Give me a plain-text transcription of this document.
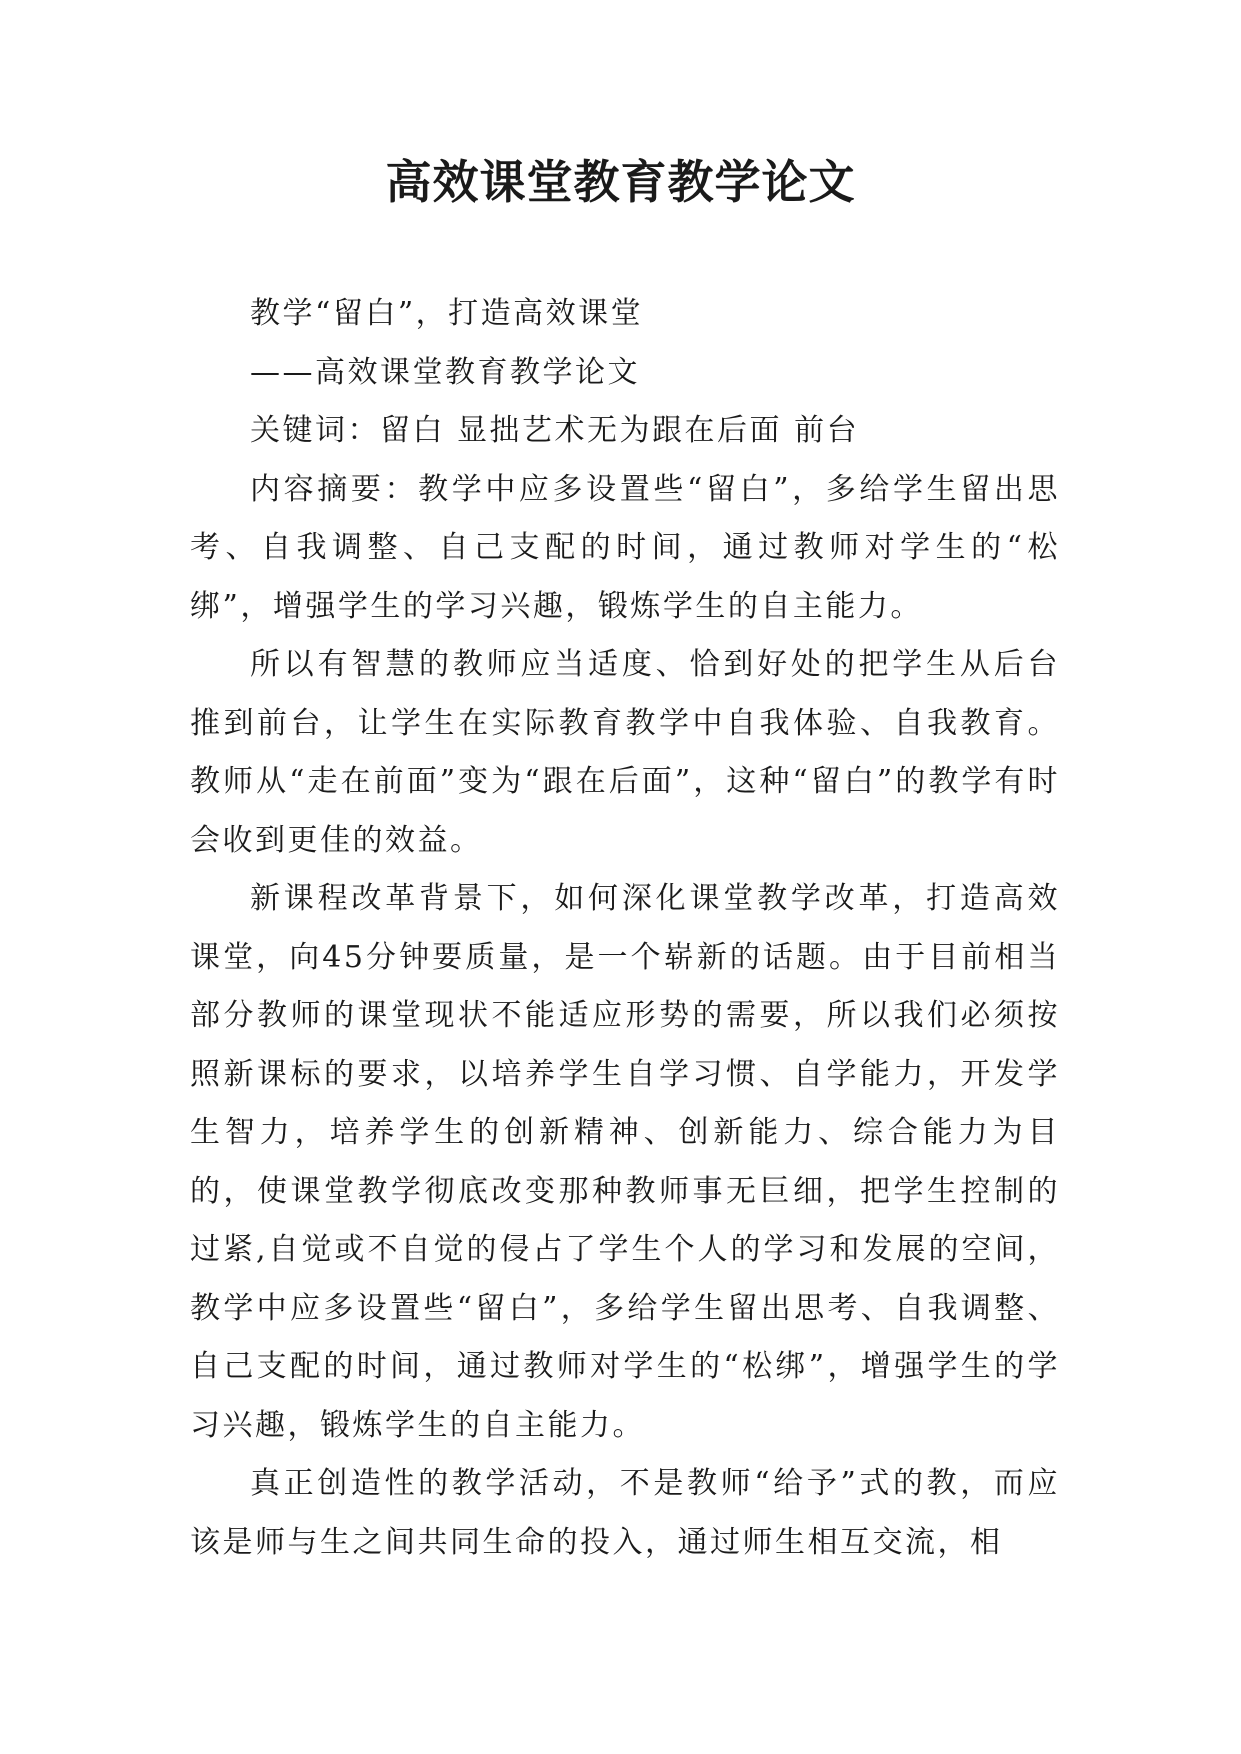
高效课堂教育教学论文

教学“留白”，打造高效课堂

——高效课堂教育教学论文

关键词：留白 显拙艺术无为跟在后面 前台

内容摘要：教学中应多设置些“留白”，多给学生留出思考、自我调整、自己支配的时间，通过教师对学生的“松绑”，增强学生的学习兴趣，锻炼学生的自主能力。

所以有智慧的教师应当适度、恰到好处的把学生从后台推到前台，让学生在实际教育教学中自我体验、自我教育。教师从“走在前面”变为“跟在后面”，这种“留白”的教学有时会收到更佳的效益。

新课程改革背景下，如何深化课堂教学改革，打造高效课堂，向45分钟要质量，是一个崭新的话题。由于目前相当部分教师的课堂现状不能适应形势的需要，所以我们必须按照新课标的要求，以培养学生自学习惯、自学能力，开发学生智力，培养学生的创新精神、创新能力、综合能力为目的，使课堂教学彻底改变那种教师事无巨细，把学生控制的过紧,自觉或不自觉的侵占了学生个人的学习和发展的空间，教学中应多设置些“留白”，多给学生留出思考、自我调整、自己支配的时间，通过教师对学生的“松绑”，增强学生的学习兴趣，锻炼学生的自主能力。

真正创造性的教学活动，不是教师“给予”式的教，而应该是师与生之间共同生命的投入，通过师生相互交流，相
